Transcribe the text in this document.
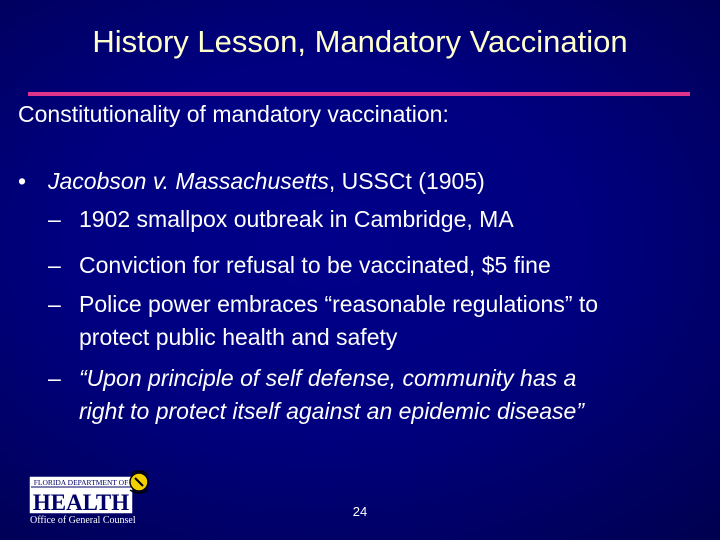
History Lesson, Mandatory Vaccination
Constitutionality of mandatory vaccination:
• Jacobson v. Massachusetts, USSCt (1905)
– 1902 smallpox outbreak in Cambridge, MA
– Conviction for refusal to be vaccinated, $5 fine
– Police power embraces “reasonable regulations” to
protect public health and safety
– “Upon principle of self defense, community has a
right to protect itself against an epidemic disease”
FLORIDA DEPARTMENT OF
HEALTH
Office of General Counsel
24
